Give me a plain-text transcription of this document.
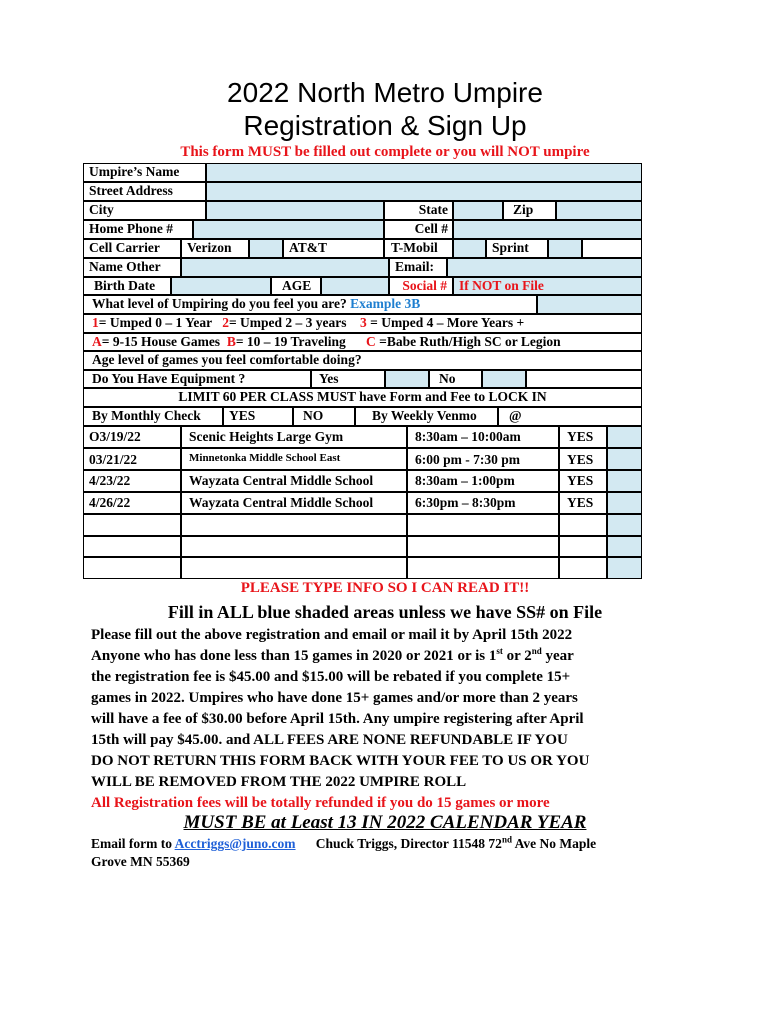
2022 North Metro Umpire
Registration & Sign Up
This form MUST be filled out complete or you will NOT umpire
Umpire’s Name
Street Address
City	State	Zip
Home Phone #	Cell #
Cell Carrier	Verizon	AT&T	T-Mobil	Sprint
Name Other	Email:
Birth Date	AGE	Social # If NOT on File
What level of Umpiring do you feel you are? Example 3B
1= Umped 0 – 1 Year 2= Umped 2 – 3 years 3 = Umped 4 – More Years +
A= 9-15 House Games B= 10 – 19 Traveling C =Babe Ruth/High SC or Legion
Age level of games you feel comfortable doing?
Do You Have Equipment ?	Yes	No
LIMIT 60 PER CLASS MUST have Form and Fee to LOCK IN
By Monthly Check	YES	NO	By Weekly Venmo	@
O3/19/22	Scenic Heights Large Gym	8:30am – 10:00am	YES
03/21/22	Minnetonka Middle School East	6:00 pm - 7:30 pm	YES
4/23/22	Wayzata Central Middle School	8:30am – 1:00pm	YES
4/26/22	Wayzata Central Middle School	6:30pm – 8:30pm	YES
PLEASE TYPE INFO SO I CAN READ IT!!
Fill in ALL blue shaded areas unless we have SS# on File
Please fill out the above registration and email or mail it by April 15th 2022
Anyone who has done less than 15 games in 2020 or 2021 or is 1st or 2nd year
the registration fee is $45.00 and $15.00 will be rebated if you complete 15+
games in 2022. Umpires who have done 15+ games and/or more than 2 years
will have a fee of $30.00 before April 15th. Any umpire registering after April
15th will pay $45.00. and ALL FEES ARE NONE REFUNDABLE IF YOU
DO NOT RETURN THIS FORM BACK WITH YOUR FEE TO US OR YOU
WILL BE REMOVED FROM THE 2022 UMPIRE ROLL
All Registration fees will be totally refunded if you do 15 games or more
MUST BE at Least 13 IN 2022 CALENDAR YEAR
Email form to Acctriggs@juno.com Chuck Triggs, Director 11548 72nd Ave No Maple
Grove MN 55369
